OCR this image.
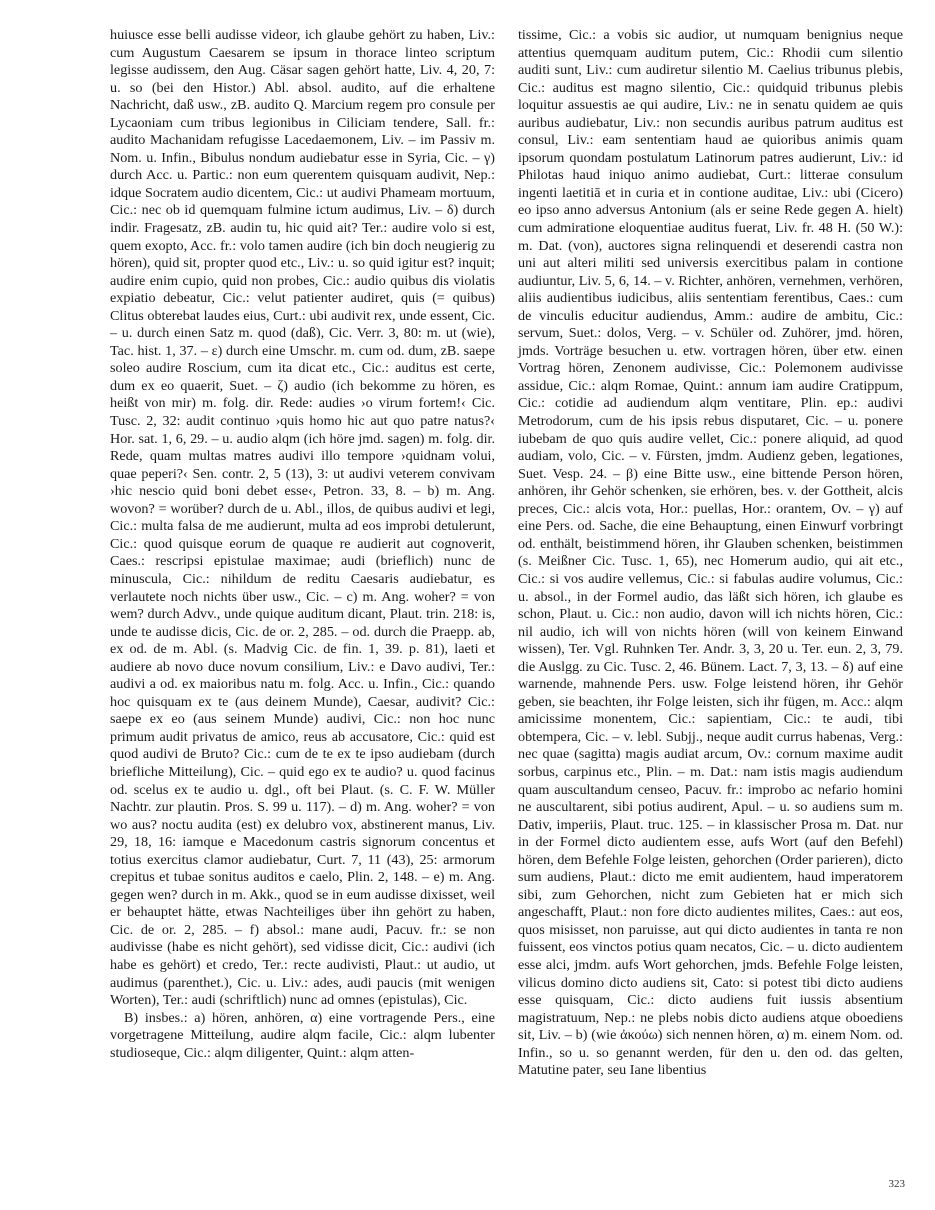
huiusce esse belli audisse videor, ich glaube gehört zu haben, Liv.: cum Augustum Caesarem se ipsum in thorace linteo scriptum legisse audissem, den Aug. Cäsar sagen gehört hatte, Liv. 4, 20, 7: u. so (bei den Histor.) Abl. absol. audito, auf die erhaltene Nachricht, daß usw., zB. audito Q. Marcium regem pro consule per Lycaoniam cum tribus legionibus in Ciliciam tendere, Sall. fr.: audito Machanidam refugisse Lacedaemonem, Liv. – im Passiv m. Nom. u. Infin., Bibulus nondum audiebatur esse in Syria, Cic. – γ) durch Acc. u. Partic.: non eum querentem quisquam audivit, Nep.: idque Socratem audio dicentem, Cic.: ut audivi Phameam mortuum, Cic.: nec ob id quemquam fulmine ictum audimus, Liv. – δ) durch indir. Fragesatz, zB. audin tu, hic quid ait? Ter.: audire volo si est, quem exopto, Acc. fr.: volo tamen audire (ich bin doch neugierig zu hören), quid sit, propter quod etc., Liv.: u. so quid igitur est? inquit; audire enim cupio, quid non probes, Cic.: audio quibus dis violatis expiatio debeatur, Cic.: velut patienter audiret, quis (= quibus) Clitus obterebat laudes eius, Curt.: ubi audivit rex, unde essent, Cic. – u. durch einen Satz m. quod (daß), Cic. Verr. 3, 80: m. ut (wie), Tac. hist. 1, 37. – ε) durch eine Umschr. m. cum od. dum, zB. saepe soleo audire Roscium, cum ita dicat etc., Cic.: auditus est certe, dum ex eo quaerit, Suet. – ζ) audio (ich bekomme zu hören, es heißt von mir) m. folg. dir. Rede: audies ›o virum fortem!‹ Cic. Tusc. 2, 32: audit continuo ›quis homo hic aut quo patre natus?‹ Hor. sat. 1, 6, 29. – u. audio alqm (ich höre jmd. sagen) m. folg. dir. Rede, quam multas matres audivi illo tempore ›quidnam volui, quae peperi?‹ Sen. contr. 2, 5 (13), 3: ut audivi veterem convivam ›hic nescio quid boni debet esse‹, Petron. 33, 8. – b) m. Ang. wovon? = worüber? durch de u. Abl., illos, de quibus audivi et legi, Cic.: multa falsa de me audierunt, multa ad eos improbi detulerunt, Cic.: quod quisque eorum de quaque re audierit aut cognoverit, Caes.: rescripsi epistulae maximae; audi (brieflich) nunc de minuscula, Cic.: nihildum de reditu Caesaris audiebatur, es verlautete noch nichts über usw., Cic. – c) m. Ang. woher? = von wem? durch Advv., unde quique auditum dicant, Plaut. trin. 218: is, unde te audisse dicis, Cic. de or. 2, 285. – od. durch die Praepp. ab, ex od. de m. Abl. (s. Madvig Cic. de fin. 1, 39. p. 81), laeti et audiere ab novo duce novum consilium, Liv.: e Davo audivi, Ter.: audivi a od. ex maioribus natu m. folg. Acc. u. Infin., Cic.: quando hoc quisquam ex te (aus deinem Munde), Caesar, audivit? Cic.: saepe ex eo (aus seinem Munde) audivi, Cic.: non hoc nunc primum audit privatus de amico, reus ab accusatore, Cic.: quid est quod audivi de Bruto? Cic.: cum de te ex te ipso audiebam (durch briefliche Mitteilung), Cic. – quid ego ex te audio? u. quod facinus od. scelus ex te audio u. dgl., oft bei Plaut. (s. C. F. W. Müller Nachtr. zur plautin. Pros. S. 99 u. 117). – d) m. Ang. woher? = von wo aus? noctu audita (est) ex delubro vox, abstinerent manus, Liv. 29, 18, 16: iamque e Macedonum castris signorum concentus et totius exercitus clamor audiebatur, Curt. 7, 11 (43), 25: armorum crepitus et tubae sonitus auditos e caelo, Plin. 2, 148. – e) m. Ang. gegen wen? durch in m. Akk., quod se in eum audisse dixisset, weil er behauptet hätte, etwas Nachteiliges über ihn gehört zu haben, Cic. de or. 2, 285. – f) absol.: mane audi, Pacuv. fr.: se non audivisse (habe es nicht gehört), sed vidisse dicit, Cic.: audivi (ich habe es gehört) et credo, Ter.: recte audivisti, Plaut.: ut audio, ut audimus (parenthet.), Cic. u. Liv.: ades, audi paucis (mit wenigen Worten), Ter.: audi (schriftlich) nunc ad omnes (epistulas), Cic.

B) insbes.: a) hören, anhören, α) eine vortragende Pers., eine vorgetragene Mitteilung, audire alqm facile, Cic.: alqm lubenter studioseque, Cic.: alqm diligenter, Quint.: alqm atten-

tissime, Cic.: a vobis sic audior, ut numquam benignius neque attentius quemquam auditum putem, Cic.: Rhodii cum silentio auditi sunt, Liv.: cum audiretur silentio M. Caelius tribunus plebis, Cic.: auditus est magno silentio, Cic.: quidquid tribunus plebis loquitur assuestis ae qui audire, Liv.: ne in senatu quidem ae quis auribus audiebatur, Liv.: non secundis auribus patrum auditus est consul, Liv.: eam sententiam haud ae quioribus animis quam ipsorum quondam postulatum Latinorum patres audierunt, Liv.: id Philotas haud iniquo animo audiebat, Curt.: litterae consulum ingenti laetitiā et in curia et in contione auditae, Liv.: ubi (Cicero) eo ipso anno adversus Antonium (als er seine Rede gegen A. hielt) cum admiratione eloquentiae auditus fuerat, Liv. fr. 48 H. (50 W.): m. Dat. (von), auctores signa relinquendi et deserendi castra non uni aut alteri militi sed universis exercitibus palam in contione audiuntur, Liv. 5, 6, 14. – v. Richter, anhören, vernehmen, verhören, aliis audientibus iudicibus, aliis sententiam ferentibus, Caes.: cum de vinculis educitur audiendus, Amm.: audire de ambitu, Cic.: servum, Suet.: dolos, Verg. – v. Schüler od. Zuhörer, jmd. hören, jmds. Vorträge besuchen u. etw. vortragen hören, über etw. einen Vortrag hören, Zenonem audivisse, Cic.: Polemonem audivisse assidue, Cic.: alqm Romae, Quint.: annum iam audire Cratippum, Cic.: cotidie ad audiendum alqm ventitare, Plin. ep.: audivi Metrodorum, cum de his ipsis rebus disputaret, Cic. – u. ponere iubebam de quo quis audire vellet, Cic.: ponere aliquid, ad quod audiam, volo, Cic. – v. Fürsten, jmdm. Audienz geben, legationes, Suet. Vesp. 24. – β) eine Bitte usw., eine bittende Person hören, anhören, ihr Gehör schenken, sie erhören, bes. v. der Gottheit, alcis preces, Cic.: alcis vota, Hor.: puellas, Hor.: orantem, Ov. – γ) auf eine Pers. od. Sache, die eine Behauptung, einen Einwurf vorbringt od. enthält, beistimmend hören, ihr Glauben schenken, beistimmen (s. Meißner Cic. Tusc. 1, 65), nec Homerum audio, qui ait etc., Cic.: si vos audire vellemus, Cic.: si fabulas audire volumus, Cic.: u. absol., in der Formel audio, das läßt sich hören, ich glaube es schon, Plaut. u. Cic.: non audio, davon will ich nichts hören, Cic.: nil audio, ich will von nichts hören (will von keinem Einwand wissen), Ter. Vgl. Ruhnken Ter. Andr. 3, 3, 20 u. Ter. eun. 2, 3, 79. die Auslgg. zu Cic. Tusc. 2, 46. Bünem. Lact. 7, 3, 13. – δ) auf eine warnende, mahnende Pers. usw. Folge leistend hören, ihr Gehör geben, sie beachten, ihr Folge leisten, sich ihr fügen, m. Acc.: alqm amicissime monentem, Cic.: sapientiam, Cic.: te audi, tibi obtempera, Cic. – v. lebl. Subjj., neque audit currus habenas, Verg.: nec quae (sagitta) magis audiat arcum, Ov.: cornum maxime audit sorbus, carpinus etc., Plin. – m. Dat.: nam istis magis audiendum quam auscultandum censeo, Pacuv. fr.: improbo ac nefario homini ne auscultarent, sibi potius audirent, Apul. – u. so audiens sum m. Dativ, imperiis, Plaut. truc. 125. – in klassischer Prosa m. Dat. nur in der Formel dicto audientem esse, aufs Wort (auf den Befehl) hören, dem Befehle Folge leisten, gehorchen (Order parieren), dicto sum audiens, Plaut.: dicto me emit audientem, haud imperatorem sibi, zum Gehorchen, nicht zum Gebieten hat er mich sich angeschafft, Plaut.: non fore dicto audientes milites, Caes.: aut eos, quos misisset, non paruisse, aut qui dicto audientes in tanta re non fuissent, eos vinctos potius quam necatos, Cic. – u. dicto audientem esse alci, jmdm. aufs Wort gehorchen, jmds. Befehle Folge leisten, vilicus domino dicto audiens sit, Cato: si potest tibi dicto audiens esse quisquam, Cic.: dicto audiens fuit iussis absentium magistratuum, Nep.: ne plebs nobis dicto audiens atque oboediens sit, Liv. – b) (wie ἀκούω) sich nennen hören, α) m. einem Nom. od. Infin., so u. so genannt werden, für den u. den od. das gelten, Matutine pater, seu Iane libentius

323
